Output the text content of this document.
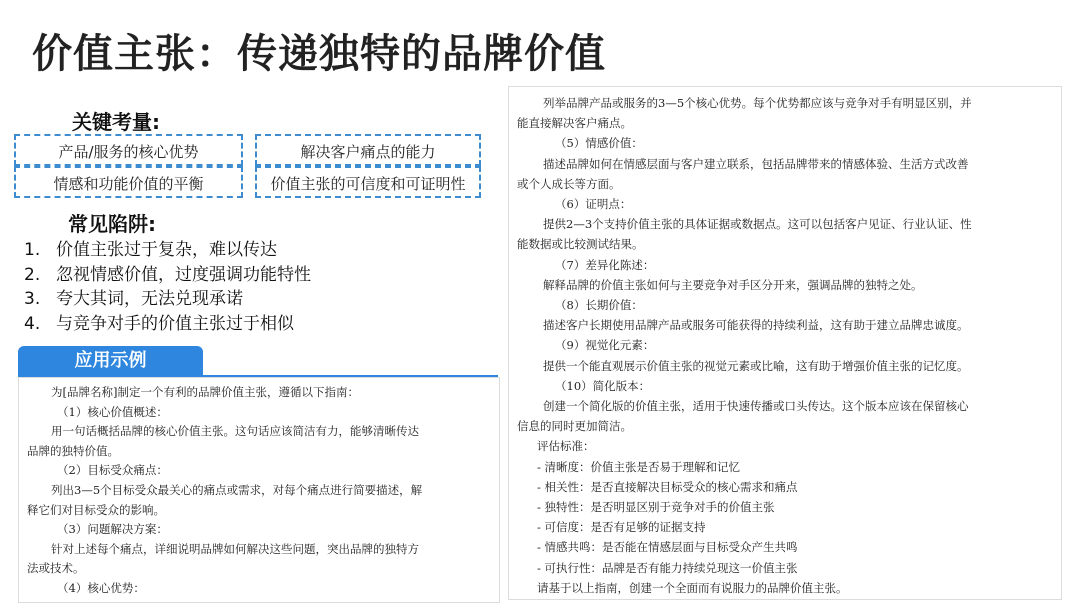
价值主张：传递独特的品牌价值
关键考量:
产品/服务的核心优势	解决客户痛点的能力
情感和功能价值的平衡	价值主张的可信度和可证明性
常见陷阱:
1. 价值主张过于复杂，难以传达
2. 忽视情感价值，过度强调功能特性
3. 夸大其词，无法兑现承诺
4. 与竞争对手的价值主张过于相似
应用示例
为[品牌名称]制定一个有利的品牌价值主张，遵循以下指南：
（1）核心价值概述：
用一句话概括品牌的核心价值主张。这句话应该简洁有力，能够清晰传达
品牌的独特价值。
（2）目标受众痛点：
列出3—5个目标受众最关心的痛点或需求，对每个痛点进行简要描述，解
释它们对目标受众的影响。
（3）问题解决方案：
针对上述每个痛点，详细说明品牌如何解决这些问题，突出品牌的独特方
法或技术。
（4）核心优势：
列举品牌产品或服务的3—5个核心优势。每个优势都应该与竞争对手有明显区别，并
能直接解决客户痛点。
（5）情感价值：
描述品牌如何在情感层面与客户建立联系，包括品牌带来的情感体验、生活方式改善
或个人成长等方面。
（6）证明点：
提供2—3个支持价值主张的具体证据或数据点。这可以包括客户见证、行业认证、性
能数据或比较测试结果。
（7）差异化陈述：
解释品牌的价值主张如何与主要竞争对手区分开来，强调品牌的独特之处。
（8）长期价值：
描述客户长期使用品牌产品或服务可能获得的持续利益，这有助于建立品牌忠诚度。
（9）视觉化元素：
提供一个能直观展示价值主张的视觉元素或比喻，这有助于增强价值主张的记忆度。
（10）简化版本：
创建一个简化版的价值主张，适用于快速传播或口头传达。这个版本应该在保留核心
信息的同时更加简洁。
评估标准：
- 清晰度：价值主张是否易于理解和记忆
- 相关性：是否直接解决目标受众的核心需求和痛点
- 独特性：是否明显区别于竞争对手的价值主张
- 可信度：是否有足够的证据支持
- 情感共鸣：是否能在情感层面与目标受众产生共鸣
- 可执行性：品牌是否有能力持续兑现这一价值主张
请基于以上指南，创建一个全面而有说服力的品牌价值主张。
